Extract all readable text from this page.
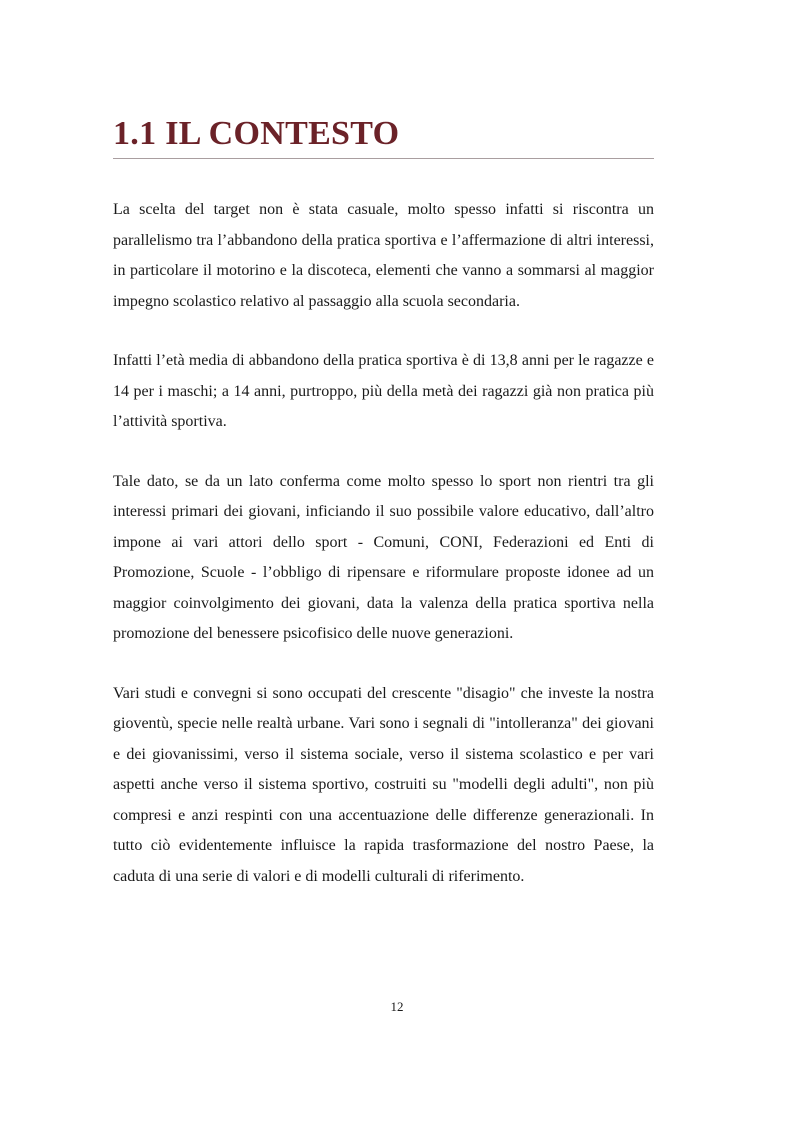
1.1 IL CONTESTO

La scelta del target non è stata casuale, molto spesso infatti si riscontra un parallelismo tra l’abbandono della pratica sportiva e l’affermazione di altri interessi, in particolare il motorino e la discoteca, elementi che vanno a sommarsi al maggior impegno scolastico relativo al passaggio alla scuola secondaria.

Infatti l’età media di abbandono della pratica sportiva è di 13,8 anni per le ragazze e 14 per i maschi; a 14 anni, purtroppo, più della metà dei ragazzi già non pratica più l’attività sportiva.

Tale dato, se da un lato conferma come molto spesso lo sport non rientri tra gli interessi primari dei giovani, inficiando il suo possibile valore educativo, dall’altro impone ai vari attori dello sport - Comuni, CONI, Federazioni ed Enti di Promozione, Scuole - l’obbligo di ripensare e riformulare proposte idonee ad un maggior coinvolgimento dei giovani, data la valenza della pratica sportiva nella promozione del benessere psicofisico delle nuove generazioni.

Vari studi e convegni si sono occupati del crescente "disagio" che investe la nostra gioventù, specie nelle realtà urbane. Vari sono i segnali di "intolleranza" dei giovani e dei giovanissimi, verso il sistema sociale, verso il sistema scolastico e per vari aspetti anche verso il sistema sportivo, costruiti su "modelli degli adulti", non più compresi e anzi respinti con una accentuazione delle differenze generazionali. In tutto ciò evidentemente influisce la rapida trasformazione del nostro Paese, la caduta di una serie di valori e di modelli culturali di riferimento.

12
